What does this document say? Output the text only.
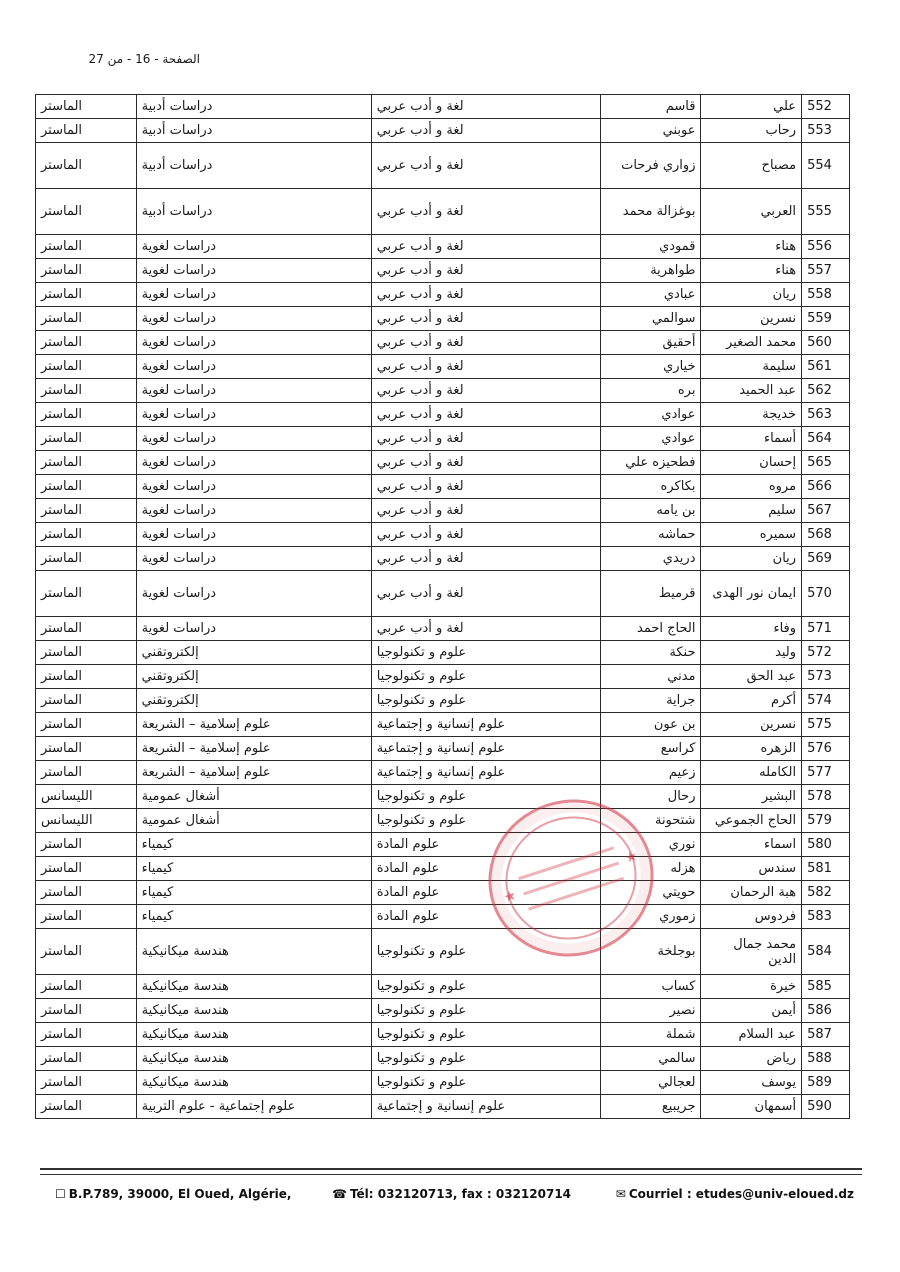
الصفحة - 16 - من 27
552	علي	قاسم	لغة و أدب عربي	دراسات أدبية	الماستر
553	رحاب	عوبني	لغة و أدب عربي	دراسات أدبية	الماستر
554	مصباح	زواري فرحات	لغة و أدب عربي	دراسات أدبية	الماستر
555	العربي	بوغزالة محمد	لغة و أدب عربي	دراسات أدبية	الماستر
556	هناء	قمودي	لغة و أدب عربي	دراسات لغوية	الماستر
557	هناء	طواهرية	لغة و أدب عربي	دراسات لغوية	الماستر
558	ريان	عبادي	لغة و أدب عربي	دراسات لغوية	الماستر
559	نسرين	سوالمي	لغة و أدب عربي	دراسات لغوية	الماستر
560	محمد الصغير	أحقيق	لغة و أدب عربي	دراسات لغوية	الماستر
561	سليمة	خياري	لغة و أدب عربي	دراسات لغوية	الماستر
562	عبد الحميد	بره	لغة و أدب عربي	دراسات لغوية	الماستر
563	خديجة	عوادي	لغة و أدب عربي	دراسات لغوية	الماستر
564	أسماء	عوادي	لغة و أدب عربي	دراسات لغوية	الماستر
565	إحسان	فطحيزه علي	لغة و أدب عربي	دراسات لغوية	الماستر
566	مروه	بكاكره	لغة و أدب عربي	دراسات لغوية	الماستر
567	سليم	بن يامه	لغة و أدب عربي	دراسات لغوية	الماستر
568	سميره	حماشه	لغة و أدب عربي	دراسات لغوية	الماستر
569	ريان	دريدي	لغة و أدب عربي	دراسات لغوية	الماستر
570	ايمان نور الهدى	قرميط	لغة و أدب عربي	دراسات لغوية	الماستر
571	وفاء	الحاج احمد	لغة و أدب عربي	دراسات لغوية	الماستر
572	وليد	حنكة	علوم و تكنولوجيا	إلكتروتقني	الماستر
573	عبد الحق	مدني	علوم و تكنولوجيا	إلكتروتقني	الماستر
574	أكرم	جراية	علوم و تكنولوجيا	إلكتروتقني	الماستر
575	نسرين	بن عون	علوم إنسانية و إجتماعية	علوم إسلامية – الشريعة	الماستر
576	الزهره	كراسع	علوم إنسانية و إجتماعية	علوم إسلامية – الشريعة	الماستر
577	الكامله	زعيم	علوم إنسانية و إجتماعية	علوم إسلامية – الشريعة	الماستر
578	البشير	رحال	علوم و تكنولوجيا	أشغال عمومية	الليسانس
579	الحاج الجموعي	شتحونة	علوم و تكنولوجيا	أشغال عمومية	الليسانس
580	اسماء	نوري	علوم المادة	كيمياء	الماستر
581	سندس	هزله	علوم المادة	كيمياء	الماستر
582	هبة الرحمان	حويتي	علوم المادة	كيمياء	الماستر
583	فردوس	زموري	علوم المادة	كيمياء	الماستر
584	محمد جمال الدين	بوجلخة	علوم و تكنولوجيا	هندسة ميكانيكية	الماستر
585	خيرة	كساب	علوم و تكنولوجيا	هندسة ميكانيكية	الماستر
586	أيمن	نصير	علوم و تكنولوجيا	هندسة ميكانيكية	الماستر
587	عبد السلام	شملة	علوم و تكنولوجيا	هندسة ميكانيكية	الماستر
588	رياض	سالمي	علوم و تكنولوجيا	هندسة ميكانيكية	الماستر
589	يوسف	لعجالي	علوم و تكنولوجيا	هندسة ميكانيكية	الماستر
590	أسمهان	جريبيع	علوم إنسانية و إجتماعية	علوم إجتماعية - علوم التربية	الماستر
★
★
☐ B.P.789, 39000, El Oued, Algérie,	☎ Tél: 032120713, fax : 032120714	✉ Courriel : etudes@univ-eloued.dz
